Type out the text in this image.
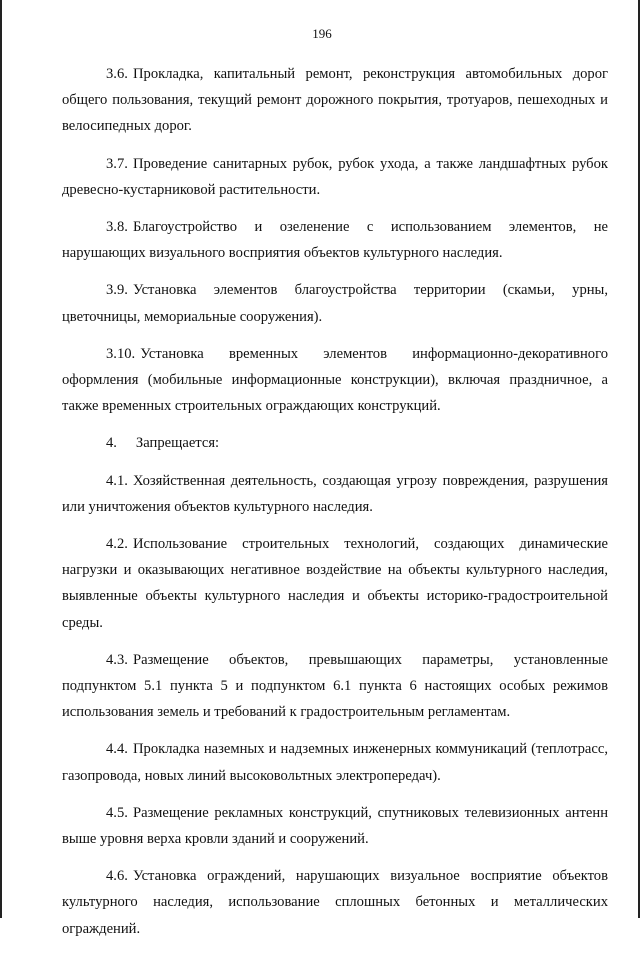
196

3.6. Прокладка, капитальный ремонт, реконструкция автомобильных дорог общего пользования, текущий ремонт дорожного покрытия, тротуаров, пешеходных и велосипедных дорог.

3.7. Проведение санитарных рубок, рубок ухода, а также ландшафтных рубок древесно-кустарниковой растительности.

3.8. Благоустройство и озеленение с использованием элементов, не нарушающих визуального восприятия объектов культурного наследия.

3.9. Установка элементов благоустройства территории (скамьи, урны, цветочницы, мемориальные сооружения).

3.10. Установка временных элементов информационно-декоративного оформления (мобильные информационные конструкции), включая праздничное, а также временных строительных ограждающих конструкций.

4. Запрещается:

4.1. Хозяйственная деятельность, создающая угрозу повреждения, разрушения или уничтожения объектов культурного наследия.

4.2. Использование строительных технологий, создающих динамические нагрузки и оказывающих негативное воздействие на объекты культурного наследия, выявленные объекты культурного наследия и объекты историко-градостроительной среды.

4.3. Размещение объектов, превышающих параметры, установленные подпунктом 5.1 пункта 5 и подпунктом 6.1 пункта 6 настоящих особых режимов использования земель и требований к градостроительным регламентам.

4.4. Прокладка наземных и надземных инженерных коммуникаций (теплотрасс, газопровода, новых линий высоковольтных электропередач).

4.5. Размещение рекламных конструкций, спутниковых телевизионных антенн выше уровня верха кровли зданий и сооружений.

4.6. Установка ограждений, нарушающих визуальное восприятие объектов культурного наследия, использование сплошных бетонных и металлических ограждений.
